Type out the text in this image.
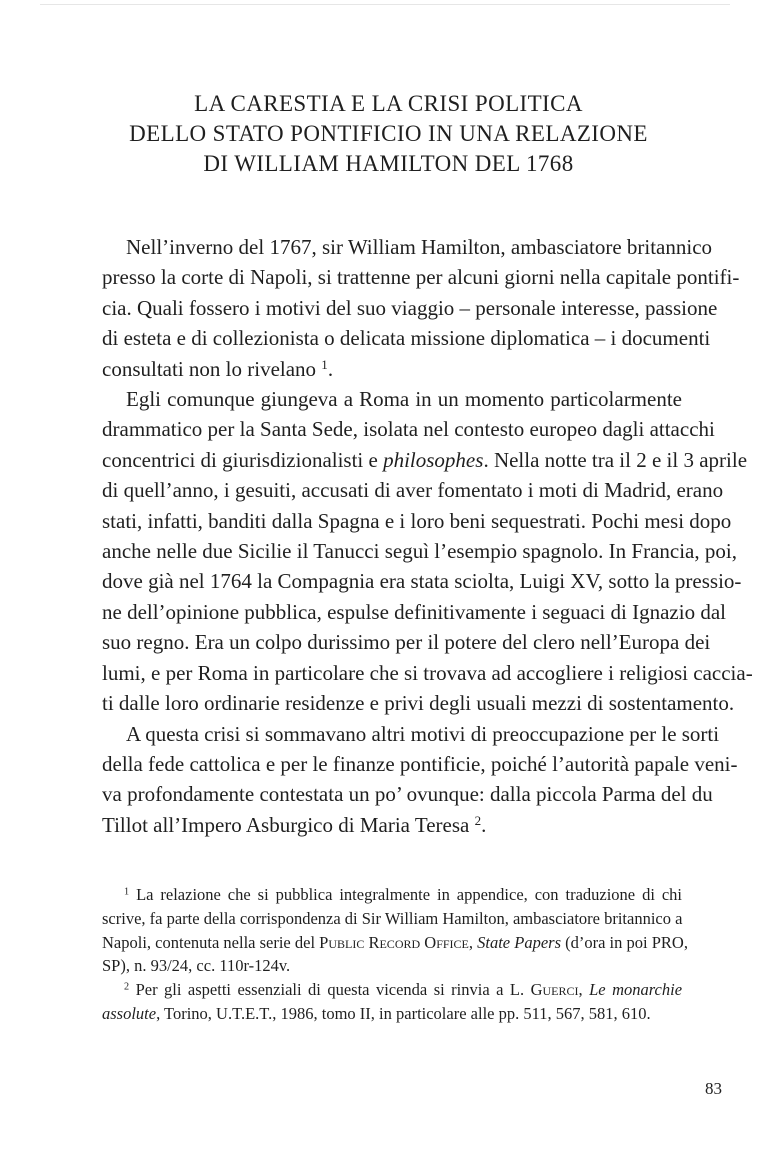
LA CARESTIA E LA CRISI POLITICA
DELLO STATO PONTIFICIO IN UNA RELAZIONE
DI WILLIAM HAMILTON DEL 1768
Nell’inverno del 1767, sir William Hamilton, ambasciatore britannico
presso la corte di Napoli, si trattenne per alcuni giorni nella capitale pontifi-
cia. Quali fossero i motivi del suo viaggio – personale interesse, passione
di esteta e di collezionista o delicata missione diplomatica – i documenti
consultati non lo rivelano $^1$.
Egli comunque giungeva a Roma in un momento particolarmente
drammatico per la Santa Sede, isolata nel contesto europeo dagli attacchi
concentrici di giurisdizionalisti e philosophes. Nella notte tra il 2 e il 3 aprile
di quell’anno, i gesuiti, accusati di aver fomentato i moti di Madrid, erano
stati, infatti, banditi dalla Spagna e i loro beni sequestrati. Pochi mesi dopo
anche nelle due Sicilie il Tanucci seguì l’esempio spagnolo. In Francia, poi,
dove già nel 1764 la Compagnia era stata sciolta, Luigi XV, sotto la pressio-
ne dell’opinione pubblica, espulse definitivamente i seguaci di Ignazio dal
suo regno. Era un colpo durissimo per il potere del clero nell’Europa dei
lumi, e per Roma in particolare che si trovava ad accogliere i religiosi caccia-
ti dalle loro ordinarie residenze e privi degli usuali mezzi di sostentamento.
A questa crisi si sommavano altri motivi di preoccupazione per le sorti
della fede cattolica e per le finanze pontificie, poiché l’autorità papale veni-
va profondamente contestata un po’ ovunque: dalla piccola Parma del du
Tillot all’Impero Asburgico di Maria Teresa $^2$.
$^1$ La relazione che si pubblica integralmente in appendice, con traduzione di chi
scrive, fa parte della corrispondenza di Sir William Hamilton, ambasciatore britannico a
Napoli, contenuta nella serie del Public Record Office, State Papers (d’ora in poi PRO,
SP), n. 93/24, cc. 110r-124v.
$^2$ Per gli aspetti essenziali di questa vicenda si rinvia a L. Guerci, Le monarchie
assolute, Torino, U.T.E.T., 1986, tomo II, in particolare alle pp. 511, 567, 581, 610.
83
